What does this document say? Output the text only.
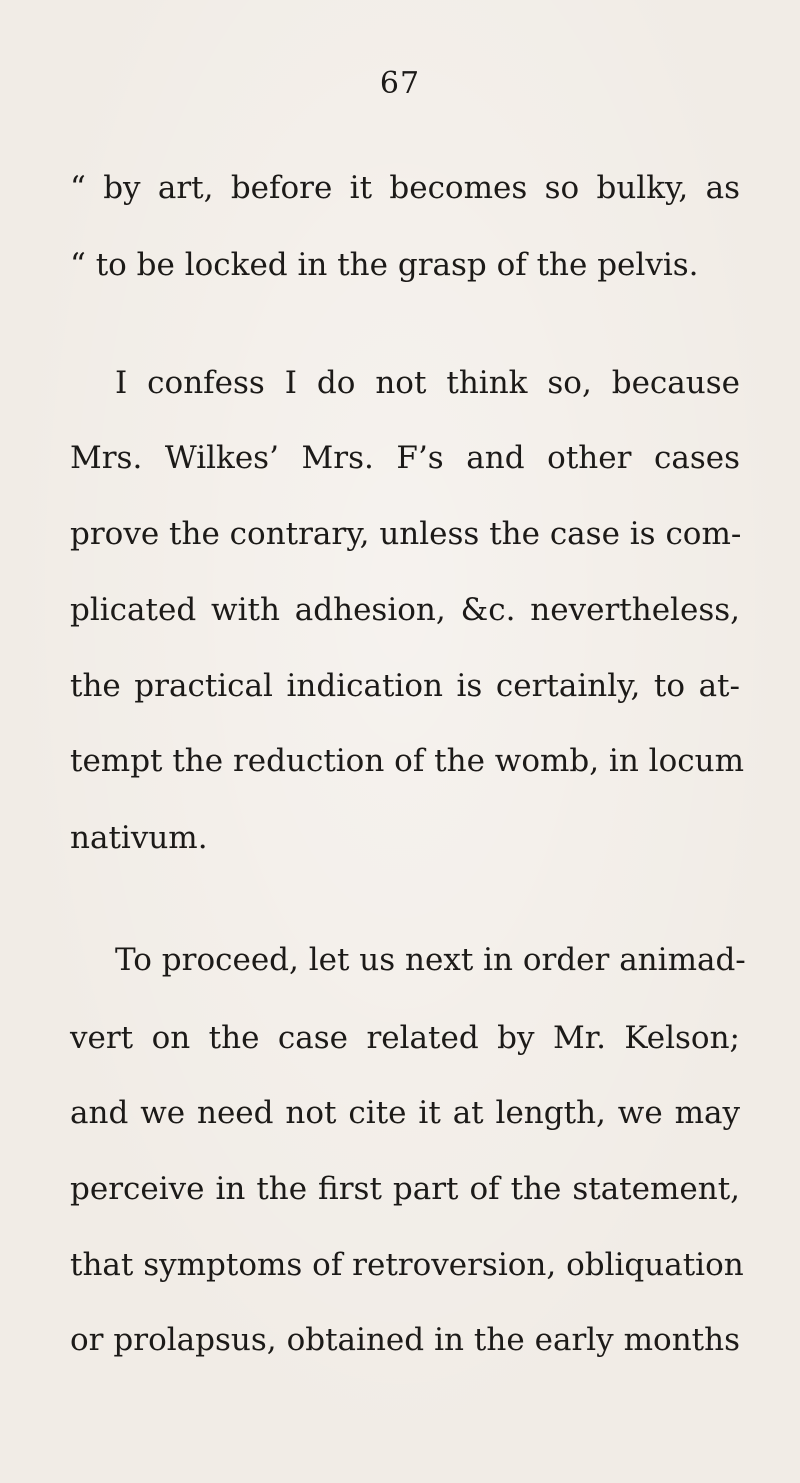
67
“ by art, before it becomes so bulky, as
“ to be locked in the grasp of the pelvis.
I confess I do not think so, because
Mrs. Wilkes’ Mrs. F’s and other cases
prove the contrary, unless the case is com-
plicated with adhesion, &c. nevertheless,
the practical indication is certainly, to at-
tempt the reduction of the womb, in locum
nativum.
To proceed, let us next in order animad-
vert on the case related by Mr. Kelson;
and we need not cite it at length, we may
perceive in the first part of the statement,
that symptoms of retroversion, obliquation
or prolapsus, obtained in the early months
